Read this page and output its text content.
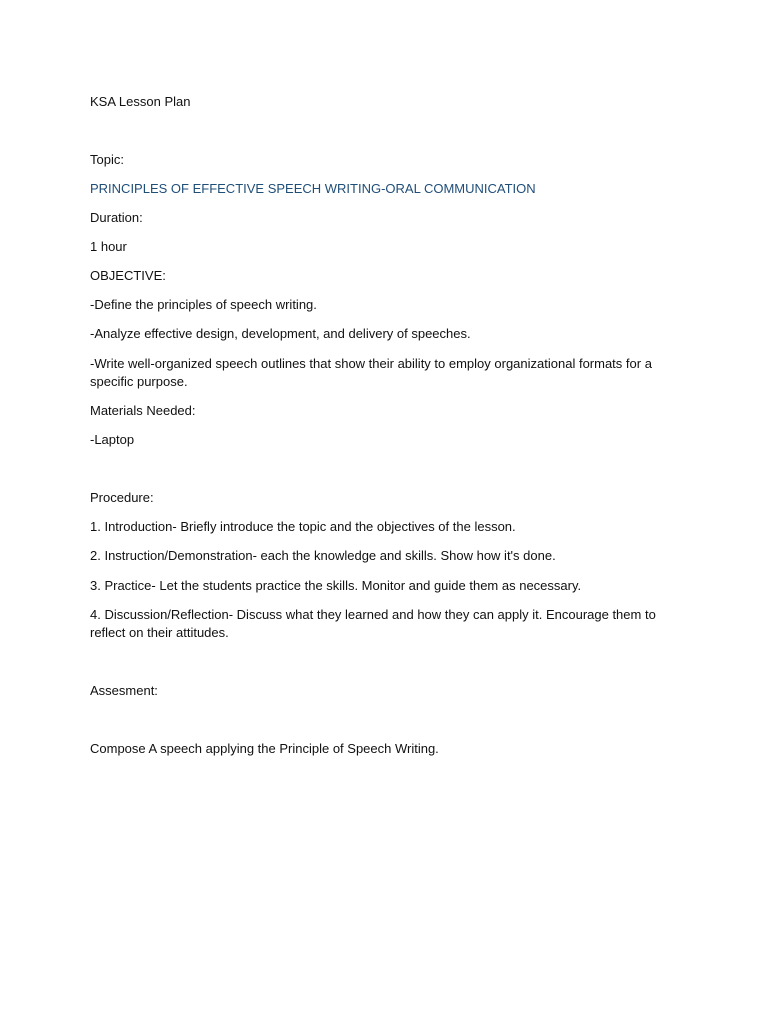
KSA Lesson Plan
Topic:
PRINCIPLES OF EFFECTIVE SPEECH WRITING-ORAL COMMUNICATION
Duration:
1 hour
OBJECTIVE:
-Define the principles of speech writing.
-Analyze effective design, development, and delivery of speeches.
-Write well-organized speech outlines that show their ability to employ organizational formats for a specific purpose.
Materials Needed:
-Laptop
Procedure:
1. Introduction- Briefly introduce the topic and the objectives of the lesson.
2. Instruction/Demonstration- each the knowledge and skills. Show how it's done.
3. Practice- Let the students practice the skills. Monitor and guide them as necessary.
4. Discussion/Reflection- Discuss what they learned and how they can apply it. Encourage them to reflect on their attitudes.
Assesment:
Compose A speech applying the Principle of Speech Writing.
